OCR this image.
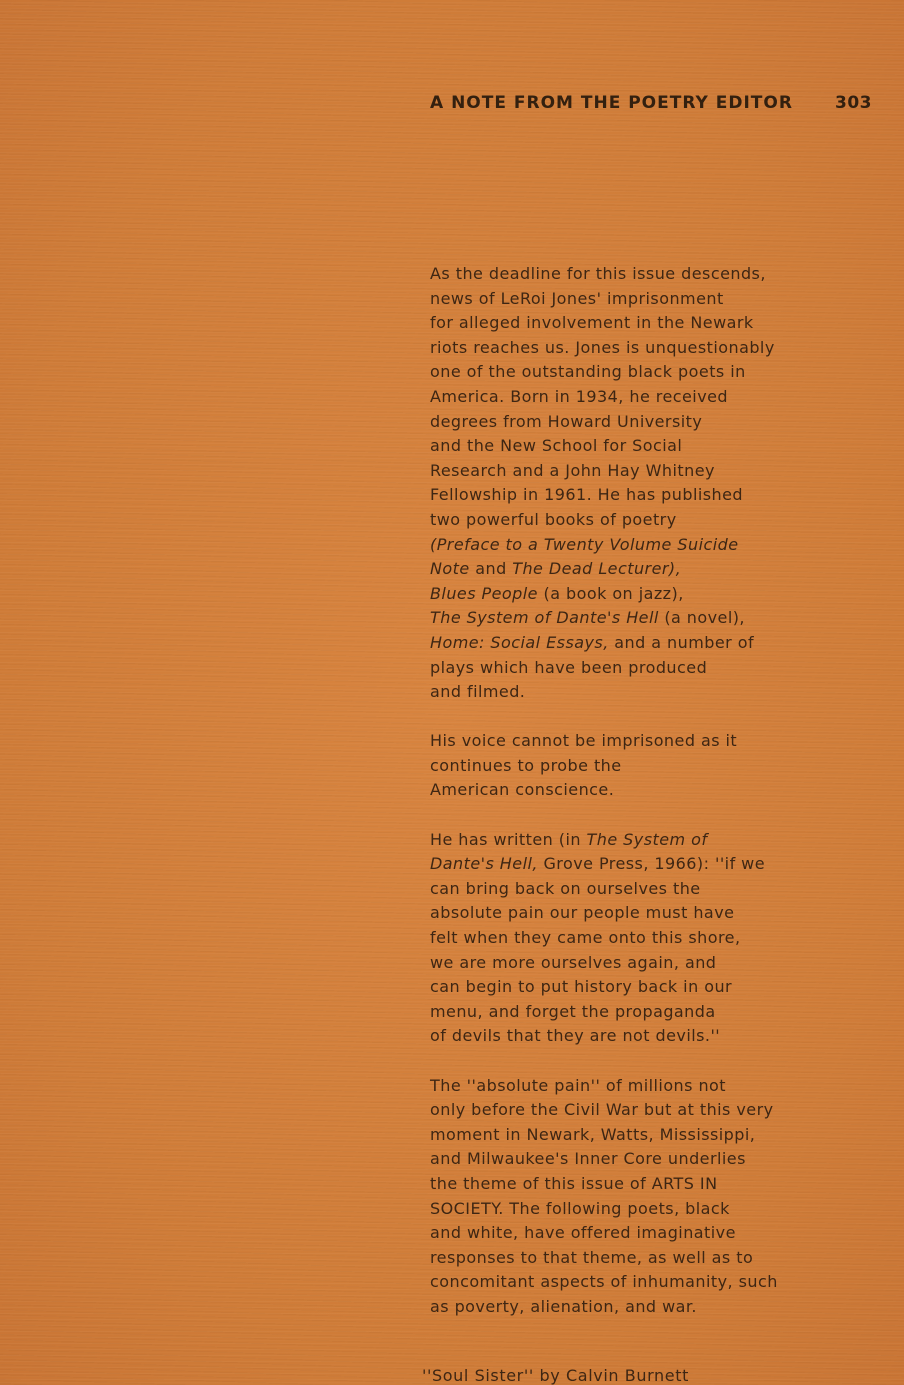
A NOTE FROM THE POETRY EDITOR 303
As the deadline for this issue descends,
news of LeRoi Jones' imprisonment
for alleged involvement in the Newark
riots reaches us. Jones is unquestionably
one of the outstanding black poets in
America. Born in 1934, he received
degrees from Howard University
and the New School for Social
Research and a John Hay Whitney
Fellowship in 1961. He has published
two powerful books of poetry
(Preface to a Twenty Volume Suicide
Note and The Dead Lecturer),
Blues People (a book on jazz),
The System of Dante's Hell (a novel),
Home: Social Essays, and a number of
plays which have been produced
and filmed.
His voice cannot be imprisoned as it
continues to probe the
American conscience.
He has written (in The System of
Dante's Hell, Grove Press, 1966): ''if we
can bring back on ourselves the
absolute pain our people must have
felt when they came onto this shore,
we are more ourselves again, and
can begin to put history back in our
menu, and forget the propaganda
of devils that they are not devils.''
The ''absolute pain'' of millions not
only before the Civil War but at this very
moment in Newark, Watts, Mississippi,
and Milwaukee's Inner Core underlies
the theme of this issue of ARTS IN
SOCIETY. The following poets, black
and white, have offered imaginative
responses to that theme, as well as to
concomitant aspects of inhumanity, such
as poverty, alienation, and war.
''Soul Sister'' by Calvin Burnett
